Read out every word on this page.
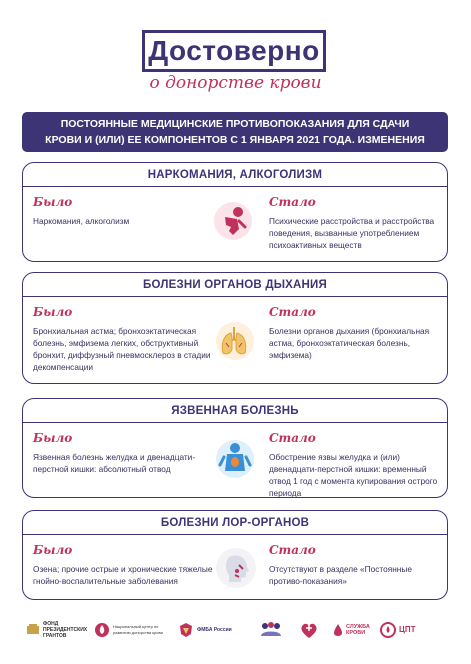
Достоверно
о донорстве крови
ПОСТОЯННЫЕ МЕДИЦИНСКИЕ ПРОТИВОПОКАЗАНИЯ ДЛЯ СДАЧИ
КРОВИ И (ИЛИ) ЕЕ КОМПОНЕНТОВ С 1 ЯНВАРЯ 2021 ГОДА. ИЗМЕНЕНИЯ
НАРКОМАНИЯ, АЛКОГОЛИЗМ
Было
Наркомания, алкоголизм
Стало
Психические расстройства и расстройства поведения, вызванные употреблением психоактивных веществ
БОЛЕЗНИ ОРГАНОВ ДЫХАНИЯ
Было
Бронхиальная астма; бронхоэктатическая болезнь, эмфизема легких, обструктивный бронхит, диффузный пневмосклероз в стадии декомпенсации
Стало
Болезни органов дыхания (бронхиальная астма, бронхоэктатическая болезнь, эмфизема)
ЯЗВЕННАЯ БОЛЕЗНЬ
Было
Язвенная болезнь желудка и двенадцати-перстной кишки: абсолютный отвод
Стало
Обострение язвы желудка и (или) двенадцати-перстной кишки: временный отвод 1 год с момента купирования острого периода
БОЛЕЗНИ ЛОР-ОРГАНОВ
Было
Озена; прочие острые и хронические тяжелые гнойно-воспалительные заболевания
Стало
Отсутствуют в разделе «Постоянные противо-показания»
ФОНД ПРЕЗИДЕНТСКИХ ГРАНТОВ
Национальный центр по развитию донорства крови	ФМБА России	СЛУЖБА КРОВИ	ЦПТ
